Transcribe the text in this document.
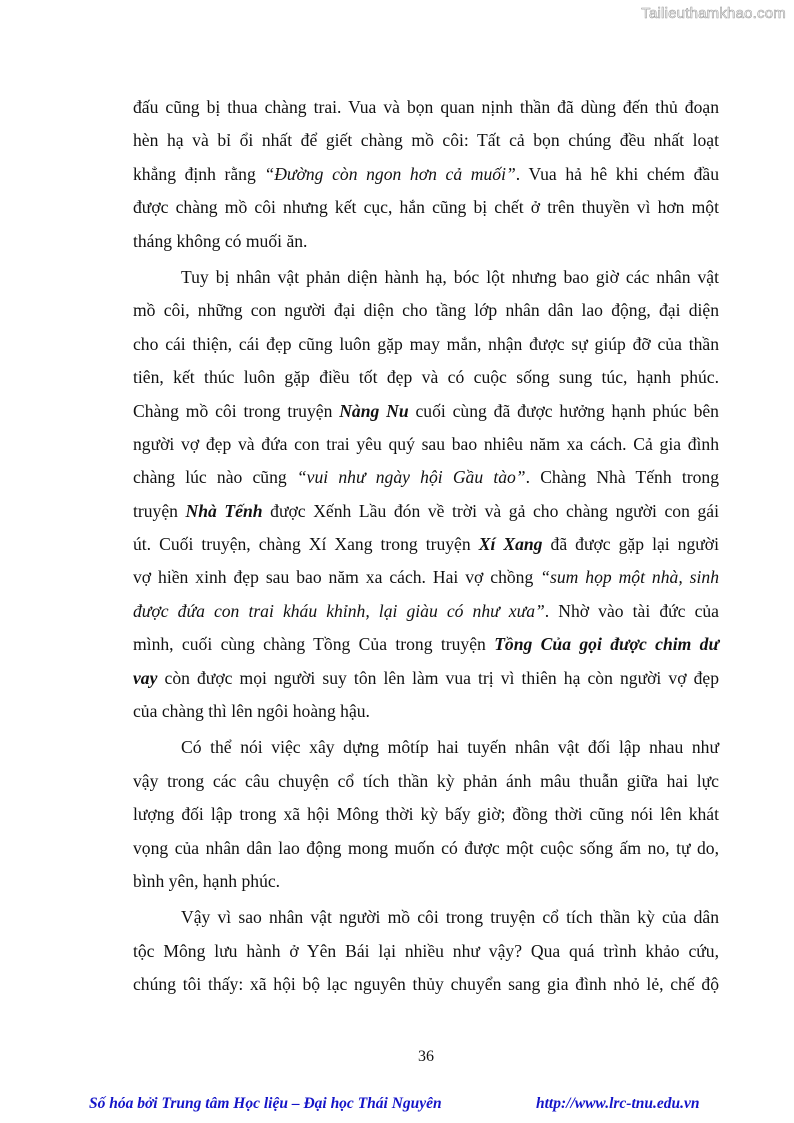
Tailieuthamkhao.com
đấu cũng bị thua chàng trai. Vua và bọn quan nịnh thần đã dùng đến thủ đoạn
hèn hạ và bỉ ổi nhất để giết chàng mồ côi: Tất cả bọn chúng đều nhất loạt
khẳng định rằng “Đường còn ngon hơn cả muối”. Vua hả hê khi chém đầu
được chàng mồ côi nhưng kết cục, hắn cũng bị chết ở trên thuyền vì hơn một
tháng không có muối ăn.
Tuy bị nhân vật phản diện hành hạ, bóc lột nhưng bao giờ các nhân vật
mồ côi, những con người đại diện cho tầng lớp nhân dân lao động, đại diện
cho cái thiện, cái đẹp cũng luôn gặp may mắn, nhận được sự giúp đỡ của thần
tiên, kết thúc luôn gặp điều tốt đẹp và có cuộc sống sung túc, hạnh phúc.
Chàng mồ côi trong truyện Nàng Nu cuối cùng đã được hưởng hạnh phúc bên
người vợ đẹp và đứa con trai yêu quý sau bao nhiêu năm xa cách. Cả gia đình
chàng lúc nào cũng “vui như ngày hội Gầu tào”. Chàng Nhà Tếnh trong
truyện Nhà Tếnh được Xếnh Lầu đón về trời và gả cho chàng người con gái
út. Cuối truyện, chàng Xí Xang trong truyện Xí Xang đã được gặp lại người
vợ hiền xinh đẹp sau bao năm xa cách. Hai vợ chồng “sum họp một nhà, sinh
được đứa con trai kháu khỉnh, lại giàu có như xưa”. Nhờ vào tài đức của
mình, cuối cùng chàng Tồng Của trong truyện Tồng Của gọi được chim dư
vay còn được mọi người suy tôn lên làm vua trị vì thiên hạ còn người vợ đẹp
của chàng thì lên ngôi hoàng hậu.
Có thể nói việc xây dựng môtíp hai tuyến nhân vật đối lập nhau như
vậy trong các câu chuyện cổ tích thần kỳ phản ánh mâu thuẫn giữa hai lực
lượng đối lập trong xã hội Mông thời kỳ bấy giờ; đồng thời cũng nói lên khát
vọng của nhân dân lao động mong muốn có được một cuộc sống ấm no, tự do,
bình yên, hạnh phúc.
Vậy vì sao nhân vật người mồ côi trong truyện cổ tích thần kỳ của dân
tộc Mông lưu hành ở Yên Bái lại nhiều như vậy? Qua quá trình khảo cứu,
chúng tôi thấy: xã hội bộ lạc nguyên thủy chuyển sang gia đình nhỏ lẻ, chế độ
36
Số hóa bởi Trung tâm Học liệu – Đại học Thái Nguyên	http://www.lrc-tnu.edu.vn
